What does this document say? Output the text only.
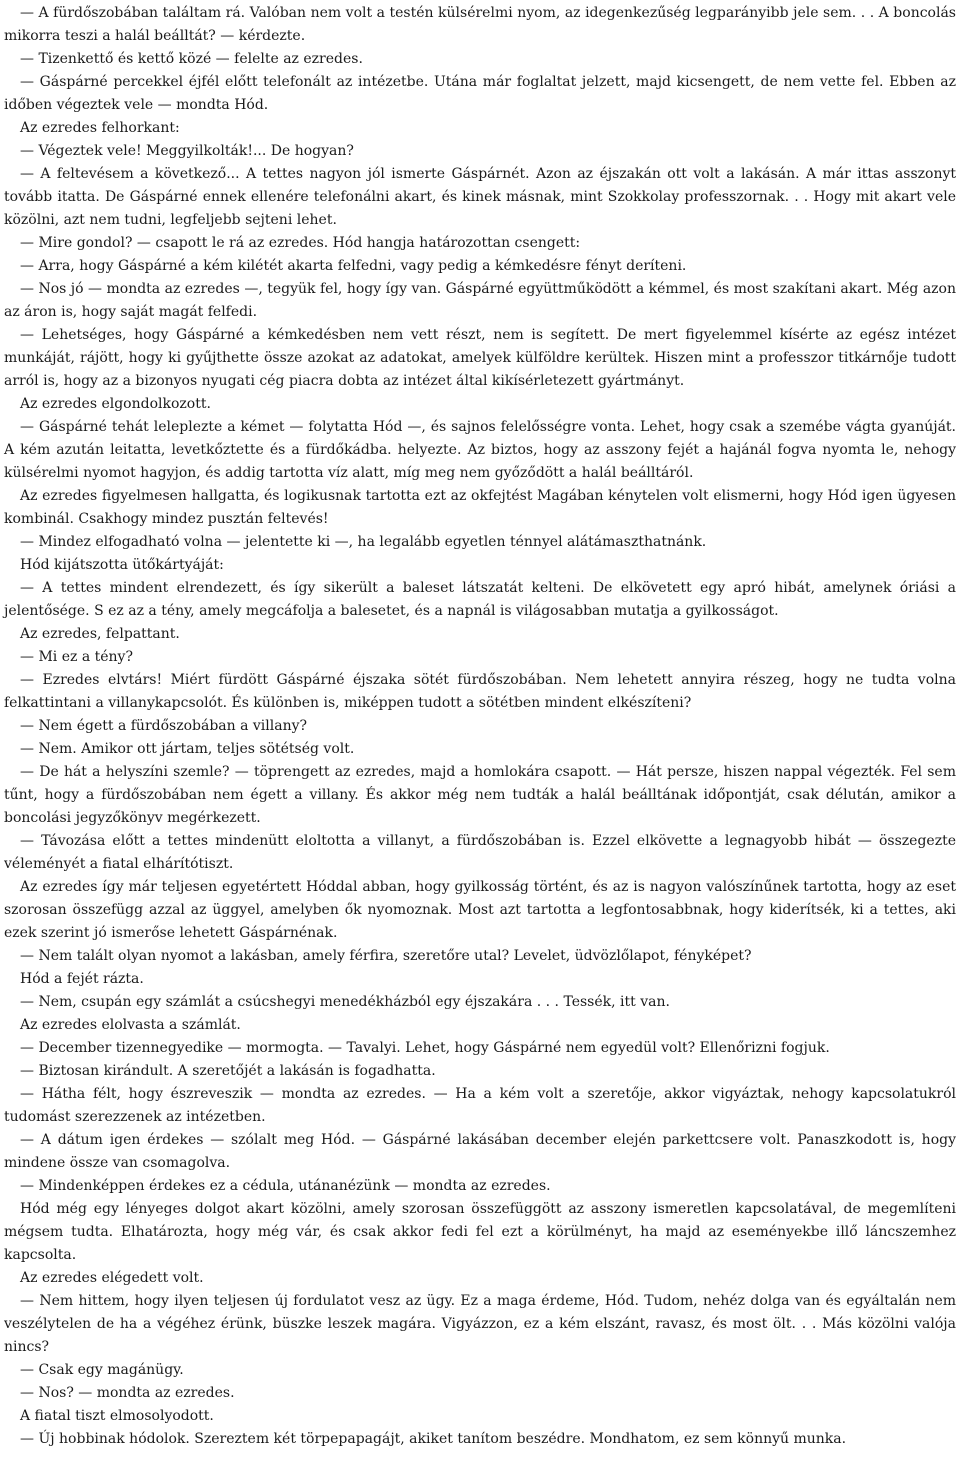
— A fürdőszobában találtam rá. Valóban nem volt a testén külsérelmi nyom, az idegenkezűség legparányibb jele sem. . . A boncolás mikorra teszi a halál beálltát? — kérdezte.

— Tizenkettő és kettő közé — felelte az ezredes.

— Gáspárné percekkel éjfél előtt telefonált az intézetbe. Utána már foglaltat jelzett, majd kicsengett, de nem vette fel. Ebben az időben végeztek vele — mondta Hód.

Az ezredes felhorkant:

— Végeztek vele! Meggyilkolták!... De hogyan?

— A feltevésem a következő... A tettes nagyon jól ismerte Gáspárnét. Azon az éjszakán ott volt a lakásán. A már ittas asszonyt tovább itatta. De Gáspárné ennek ellenére telefonálni akart, és kinek másnak, mint Szokkolay professzornak. . . Hogy mit akart vele közölni, azt nem tudni, legfeljebb sejteni lehet.

— Mire gondol? — csapott le rá az ezredes. Hód hangja határozottan csengett:

— Arra, hogy Gáspárné a kém kilétét akarta felfedni, vagy pedig a kémkedésre fényt deríteni.

— Nos jó — mondta az ezredes —, tegyük fel, hogy így van. Gáspárné együttműködött a kémmel, és most szakítani akart. Még azon az áron is, hogy saját magát felfedi.

— Lehetséges, hogy Gáspárné a kémkedésben nem vett részt, nem is segített. De mert figyelemmel kísérte az egész intézet munkáját, rájött, hogy ki gyűjthette össze azokat az adatokat, amelyek külföldre kerültek. Hiszen mint a professzor titkárnője tudott arról is, hogy az a bizonyos nyugati cég piacra dobta az intézet által kikísérletezett gyártmányt.

Az ezredes elgondolkozott.

— Gáspárné tehát leleplezte a kémet — folytatta Hód —, és sajnos felelősségre vonta. Lehet, hogy csak a szemébe vágta gyanúját. A kém azután leitatta, levetkőztette és a fürdőkádba. helyezte. Az biztos, hogy az asszony fejét a hajánál fogva nyomta le, nehogy külsérelmi nyomot hagyjon, és addig tartotta víz alatt, míg meg nem győződött a halál beálltáról.

Az ezredes figyelmesen hallgatta, és logikusnak tartotta ezt az okfejtést Magában kénytelen volt elismerni, hogy Hód igen ügyesen kombinál. Csakhogy mindez pusztán feltevés!

— Mindez elfogadható volna — jelentette ki —, ha legalább egyetlen ténnyel alátámaszthatnánk.

Hód kijátszotta ütőkártyáját:

— A tettes mindent elrendezett, és így sikerült a baleset látszatát kelteni. De elkövetett egy apró hibát, amelynek óriási a jelentősége. S ez az a tény, amely megcáfolja a balesetet, és a napnál is világosabban mutatja a gyilkosságot.

Az ezredes, felpattant.

— Mi ez a tény?

— Ezredes elvtárs! Miért fürdött Gáspárné éjszaka sötét fürdőszobában. Nem lehetett annyira részeg, hogy ne tudta volna felkattintani a villanykapcsolót. És különben is, miképpen tudott a sötétben mindent elkészíteni?

— Nem égett a fürdőszobában a villany?

— Nem. Amikor ott jártam, teljes sötétség volt.

— De hát a helyszíni szemle? — töprengett az ezredes, majd a homlokára csapott. — Hát persze, hiszen nappal végezték. Fel sem tűnt, hogy a fürdőszobában nem égett a villany. És akkor még nem tudták a halál beálltának időpontját, csak délután, amikor a boncolási jegyzőkönyv megérkezett.

— Távozása előtt a tettes mindenütt eloltotta a villanyt, a fürdőszobában is. Ezzel elkövette a legnagyobb hibát — összegezte véleményét a fiatal elhárítótiszt.

Az ezredes így már teljesen egyetértett Hóddal abban, hogy gyilkosság történt, és az is nagyon valószínűnek tartotta, hogy az eset szorosan összefügg azzal az üggyel, amelyben ők nyomoznak. Most azt tartotta a legfontosabbnak, hogy kiderítsék, ki a tettes, aki ezek szerint jó ismerőse lehetett Gáspárnénak.

— Nem talált olyan nyomot a lakásban, amely férfira, szeretőre utal? Levelet, üdvözlőlapot, fényképet?

Hód a fejét rázta.

— Nem, csupán egy számlát a csúcshegyi menedékházból egy éjszakára . . . Tessék, itt van.

Az ezredes elolvasta a számlát.

— December tizennegyedike — mormogta. — Tavalyi. Lehet, hogy Gáspárné nem egyedül volt? Ellenőrizni fogjuk.

— Biztosan kirándult. A szeretőjét a lakásán is fogadhatta.

— Hátha félt, hogy észreveszik — mondta az ezredes. — Ha a kém volt a szeretője, akkor vigyáztak, nehogy kapcsolatukról tudomást szerezzenek az intézetben.

— A dátum igen érdekes — szólalt meg Hód. — Gáspárné lakásában december elején parkettcsere volt. Panaszkodott is, hogy mindene össze van csomagolva.

— Mindenképpen érdekes ez a cédula, utánanézünk — mondta az ezredes.

Hód még egy lényeges dolgot akart közölni, amely szorosan összefüggött az asszony ismeretlen kapcsolatával, de megemlíteni mégsem tudta. Elhatározta, hogy még vár, és csak akkor fedi fel ezt a körülményt, ha majd az eseményekbe illő láncszemhez kapcsolta.

Az ezredes elégedett volt.

— Nem hittem, hogy ilyen teljesen új fordulatot vesz az ügy. Ez a maga érdeme, Hód. Tudom, nehéz dolga van és egyáltalán nem veszélytelen de ha a végéhez érünk, büszke leszek magára. Vigyázzon, ez a kém elszánt, ravasz, és most ölt. . . Más közölni valója nincs?

— Csak egy magánügy.

— Nos? — mondta az ezredes.

A fiatal tiszt elmosolyodott.

— Új hobbinak hódolok. Szereztem két törpepapagájt, akiket tanítom beszédre. Mondhatom, ez sem könnyű munka.
